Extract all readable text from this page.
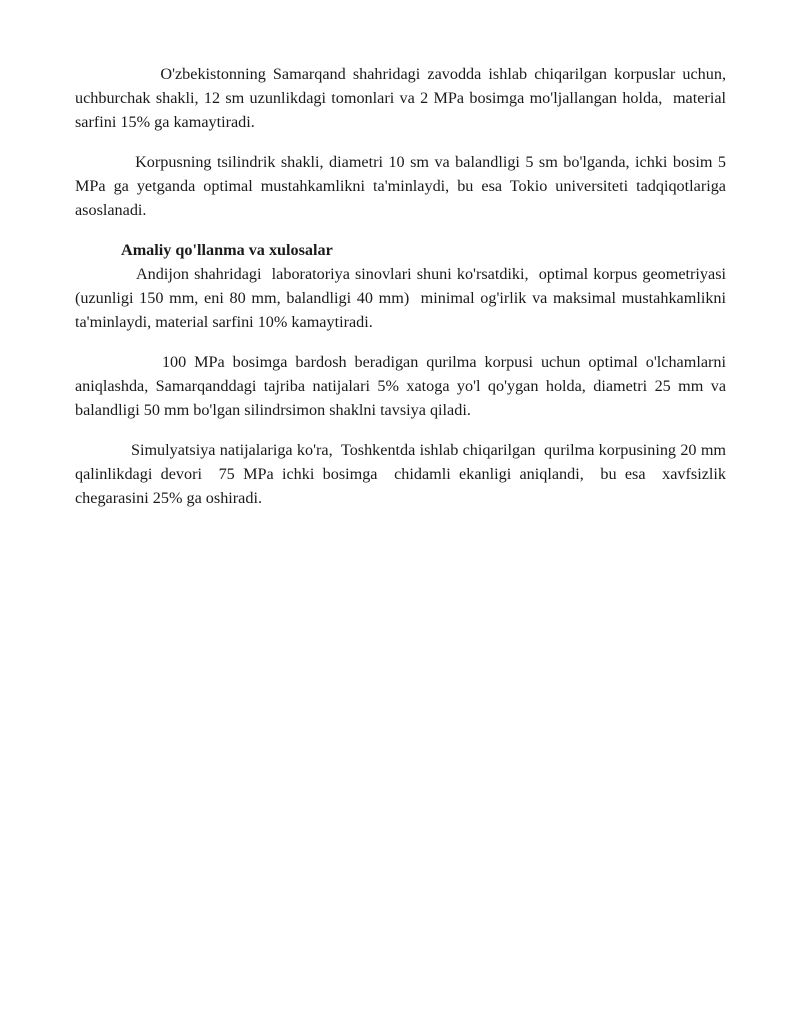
O'zbekistonning Samarqand shahridagi zavodda ishlab chiqarilgan korpuslar uchun,  uchburchak shakli, 12 sm uzunlikdagi tomonlari va 2 MPa bosimga mo'ljallangan holda,  material sarfini 15% ga kamaytiradi.

Korpusning tsilindrik shakli, diametri 10 sm va balandligi 5 sm bo'lganda, ichki bosim 5 MPa ga yetganda optimal mustahkamlikni ta'minlaydi, bu esa Tokio universiteti tadqiqotlariga asoslanadi.

Amaliy qo'llanma va xulosalar

Andijon shahridagi  laboratoriya sinovlari shuni ko'rsatdiki,  optimal korpus geometriyasi  (uzunligi 150 mm, eni 80 mm, balandligi 40 mm)  minimal og'irlik va maksimal mustahkamlikni ta'minlaydi, material sarfini 10% kamaytiradi.

100 MPa bosimga bardosh beradigan qurilma korpusi uchun optimal o'lchamlarni aniqlashda, Samarqanddagi tajriba natijalari 5% xatoga yo'l qo'ygan holda, diametri 25 mm va balandligi 50 mm bo'lgan silindrsimon shaklni tavsiya qiladi.

Simulyatsiya natijalariga ko'ra,  Toshkentda ishlab chiqarilgan  qurilma korpusining 20 mm qalinlikdagi devori  75 MPa ichki bosimga  chidamli ekanligi aniqlandi,  bu esa  xavfsizlik chegarasini 25% ga oshiradi.
